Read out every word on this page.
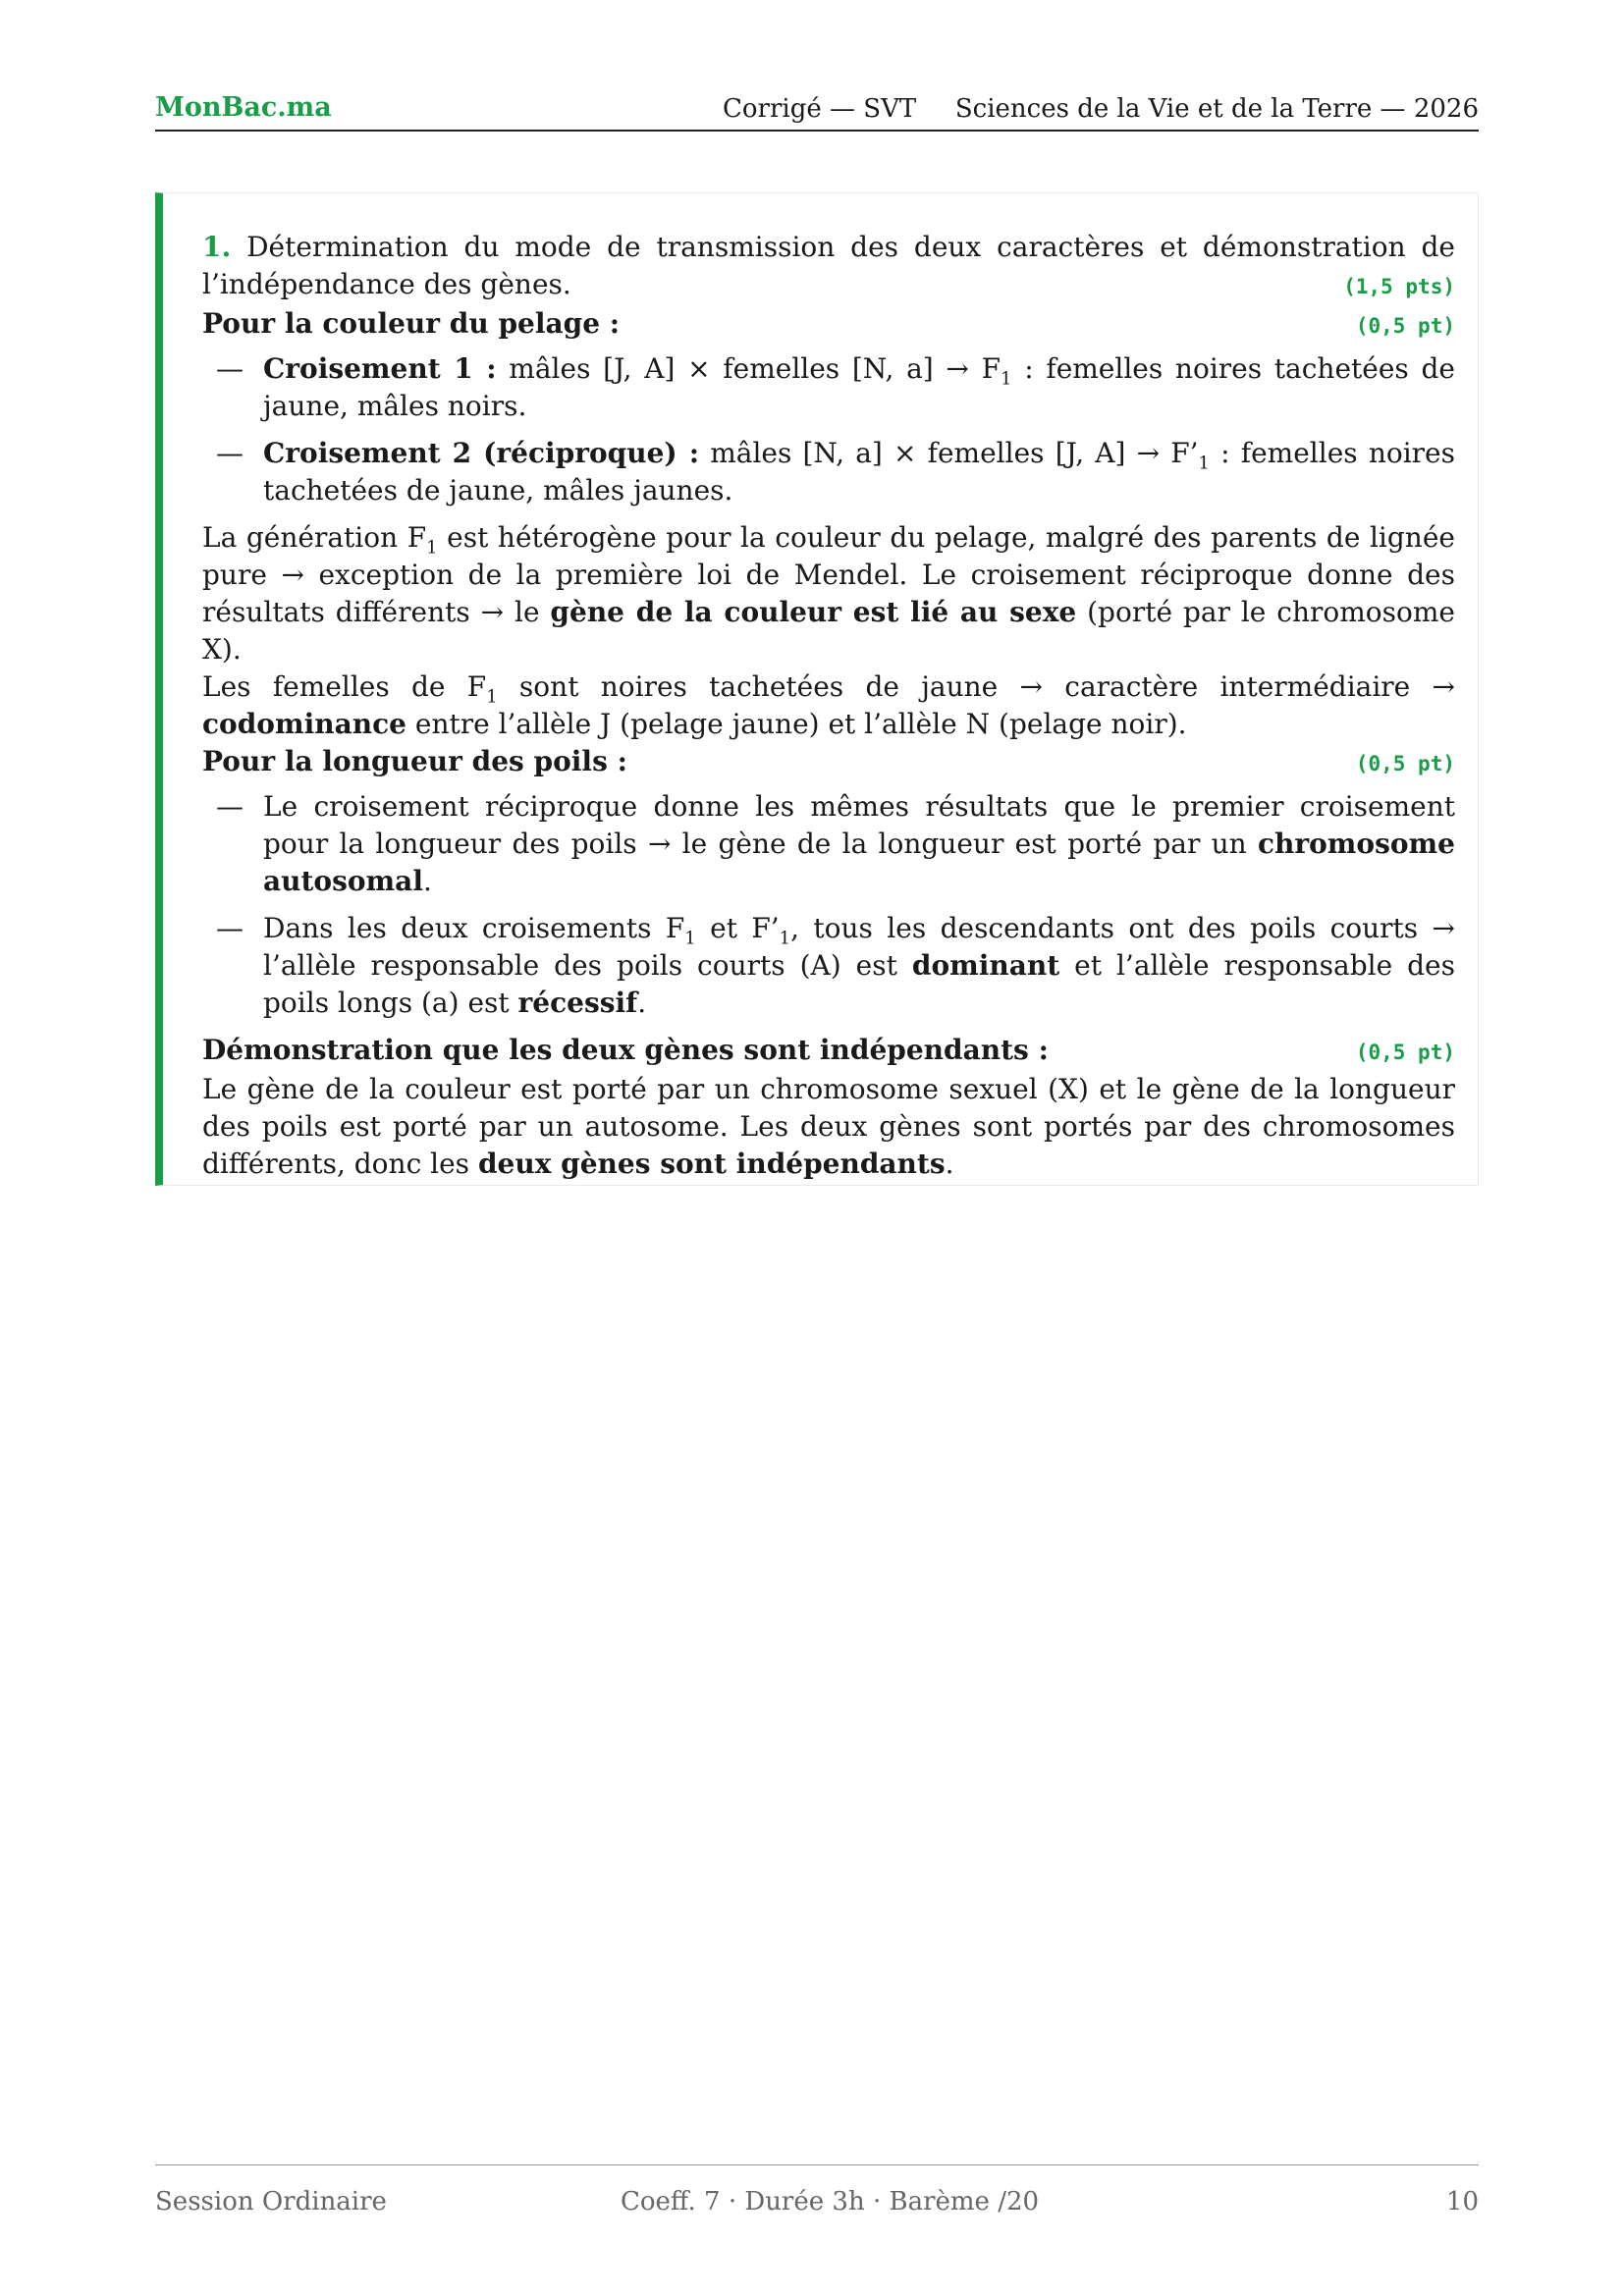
MonBac.ma	Corrigé — SVT Sciences de la Vie et de la Terre — 2026

1. Détermination du mode de transmission des deux caractères et démonstration de l’indépendance des gènes.	(1,5 pts)

Pour la couleur du pelage :	(0,5 pt)
— Croisement 1 : mâles [J, A] × femelles [N, $a] \to F_1$ : femelles noires tachetées de jaune, mâles noirs.
— Croisement 2 (réciproque) : mâles [N, a] × femelles [J, $A] \to F’_1$ : femelles noires tachetées de jaune, mâles jaunes.

La génération $F_1$ est hétérogène pour la couleur du pelage, malgré des parents de lignée pure → exception de la première loi de Mendel. Le croisement réciproque donne des résultats différents → le gène de la couleur est lié au sexe (porté par le chromosome X).

Les femelles de $F_1$ sont noires tachetées de jaune → caractère intermédiaire → codominance entre l’allèle J (pelage jaune) et l’allèle N (pelage noir).

Pour la longueur des poils :	(0,5 pt)
— Le croisement réciproque donne les mêmes résultats que le premier croisement pour la longueur des poils → le gène de la longueur est porté par un chromosome autosomal.
— Dans les deux croisements $F_1$ et $F’_1$, tous les descendants ont des poils courts → l’allèle responsable des poils courts (A) est dominant et l’allèle responsable des poils longs (a) est récessif.
Démonstration que les deux gènes sont indépendants :	(0,5 pt)

Le gène de la couleur est porté par un chromosome sexuel (X) et le gène de la longueur des poils est porté par un autosome. Les deux gènes sont portés par des chromosomes différents, donc les deux gènes sont indépendants.

Session Ordinaire	Coeff. 7 · Durée 3h · Barème /20	10
